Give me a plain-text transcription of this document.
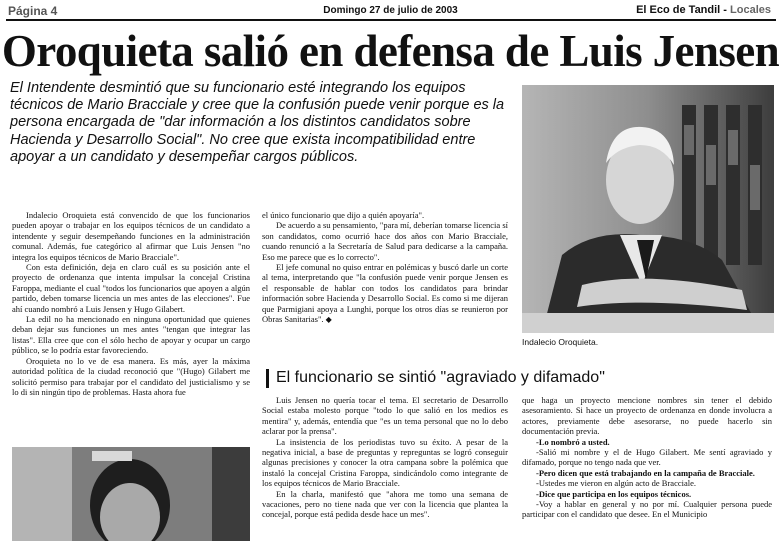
Página 4	Domingo 27 de julio de 2003	El Eco de Tandil - Locales
Oroquieta salió en defensa de Luis Jensen

El Intendente desmintió que su funcionario esté integrando los equipos técnicos de Mario Bracciale y cree que la confusión puede venir porque es la persona encargada de "dar información a los distintos candidatos sobre Hacienda y Desarrollo Social". No cree que exista incompatibilidad entre apoyar a un candidato y desempeñar cargos públicos.

Indalecio Oroquieta está convencido de que los funcionarios pueden apoyar o trabajar en los equipos técnicos de un candidato a intendente y seguir desempeñando funciones en la administración comunal. Además, fue categórico al afirmar que Luis Jensen "no integra los equipos técnicos de Mario Bracciale".

Con esta definición, deja en claro cuál es su posición ante el proyecto de ordenanza que intenta impulsar la concejal Cristina Faroppa, mediante el cual "todos los funcionarios que apoyen a algún partido, deben tomarse licencia un mes antes de las elecciones". Fue ahí cuando nombró a Luis Jensen y Hugo Gilabert.

La edil no ha mencionado en ninguna oportunidad que quienes deban dejar sus funciones un mes antes "tengan que integrar las listas". Ella cree que con el sólo hecho de apoyar y ocupar un cargo público, se lo podría estar favoreciendo.

Oroquieta no lo ve de esa manera. Es más, ayer la máxima autoridad política de la ciudad reconoció que "(Hugo) Gilabert me solicitó permiso para trabajar por el candidato del justicialismo y se lo di sin ningún tipo de problemas. Hasta ahora fue

el único funcionario que dijo a quién apoyaría".

De acuerdo a su pensamiento, "para mí, deberían tomarse licencia sí son candidatos, como ocurrió hace dos años con Mario Bracciale, cuando renunció a la Secretaría de Salud para dedicarse a la campaña. Eso me parece que es lo correcto".

El jefe comunal no quiso entrar en polémicas y buscó darle un corte al tema, interpretando que "la confusión puede venir porque Jensen es el responsable de hablar con todos los candidatos para brindar información sobre Hacienda y Desarrollo Social. Es como si me dijeran que Parmigiani apoya a Lunghi, porque los otros días se reunieron por Obras Sanitarias". ◆

Indalecio Oroquieta.
El funcionario se sintió "agraviado y difamado"

Luis Jensen no quería tocar el tema. El secretario de Desarrollo Social estaba molesto porque "todo lo que salió en los medios es mentira" y, además, entendía que "es un tema personal que no lo debo aclarar por la prensa".

La insistencia de los periodistas tuvo su éxito. A pesar de la negativa inicial, a base de preguntas y repreguntas se logró conseguir algunas precisiones y conocer la otra campana sobre la polémica que instaló la concejal Cristina Faroppa, sindicándolo como integrante de los equipos técnicos de Mario Bracciale.

En la charla, manifestó que "ahora me tomo una semana de vacaciones, pero no tiene nada que ver con la licencia que plantea la concejal, porque está pedida desde hace un mes".

que haga un proyecto mencione nombres sin tener el debido asesoramiento. Si hace un proyecto de ordenanza en donde involucra a actores, previamente debe asesorarse, no puede hacerlo sin documentación previa.

-Lo nombró a usted.

-Salió mi nombre y el de Hugo Gilabert. Me sentí agraviado y difamado, porque no tengo nada que ver.

-Pero dicen que está trabajando en la campaña de Bracciale.

-Ustedes me vieron en algún acto de Bracciale.

-Dice que participa en los equipos técnicos.

-Voy a hablar en general y no por mí. Cualquier persona puede participar con el candidato que desee. En el Municipio
